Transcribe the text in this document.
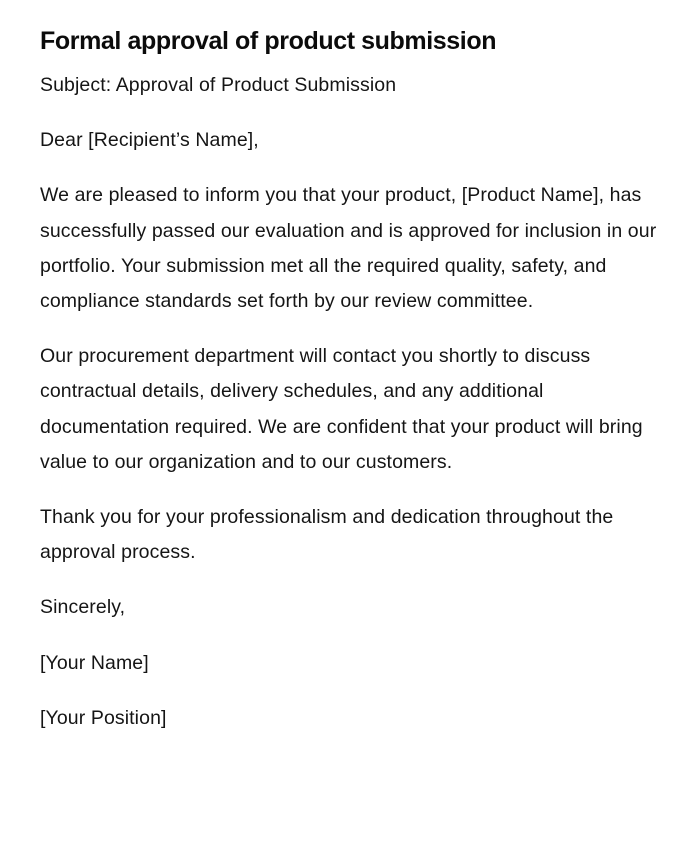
Formal approval of product submission

Subject: Approval of Product Submission

Dear [Recipient’s Name],

We are pleased to inform you that your product, [Product Name], has successfully passed our evaluation and is approved for inclusion in our portfolio. Your submission met all the required quality, safety, and compliance standards set forth by our review committee.

Our procurement department will contact you shortly to discuss contractual details, delivery schedules, and any additional documentation required. We are confident that your product will bring value to our organization and to our customers.

Thank you for your professionalism and dedication throughout the approval process.

Sincerely,

[Your Name]

[Your Position]
